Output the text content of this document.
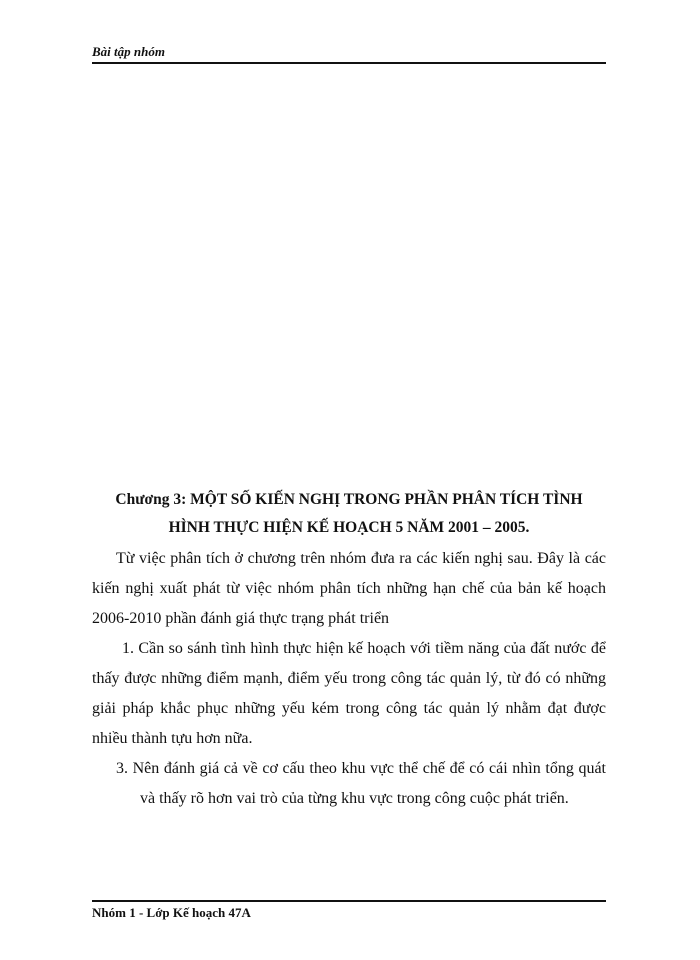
Bài tập nhóm
Chương 3: MỘT SỐ KIẾN NGHỊ TRONG PHẦN PHÂN TÍCH TÌNH
HÌNH THỰC HIỆN KẾ HOẠCH 5 NĂM 2001 – 2005.

Từ việc phân tích ở chương trên nhóm đưa ra các kiến nghị sau. Đây là các kiến nghị xuất phát từ việc nhóm phân tích những hạn chế của bản kế hoạch 2006-2010 phần đánh giá thực trạng phát triển

1. Cần so sánh tình hình thực hiện kế hoạch với tiềm năng của đất nước để thấy được những điểm mạnh, điểm yếu trong công tác quản lý, từ đó có những giải pháp khắc phục những yếu kém trong công tác quản lý nhằm đạt được nhiều thành tựu hơn nữa.

3. Nên đánh giá cả về cơ cấu theo khu vực thể chế để có cái nhìn tổng quát và thấy rõ hơn vai trò của từng khu vực trong công cuộc phát triển.

Nhóm 1 - Lớp Kế hoạch 47A
